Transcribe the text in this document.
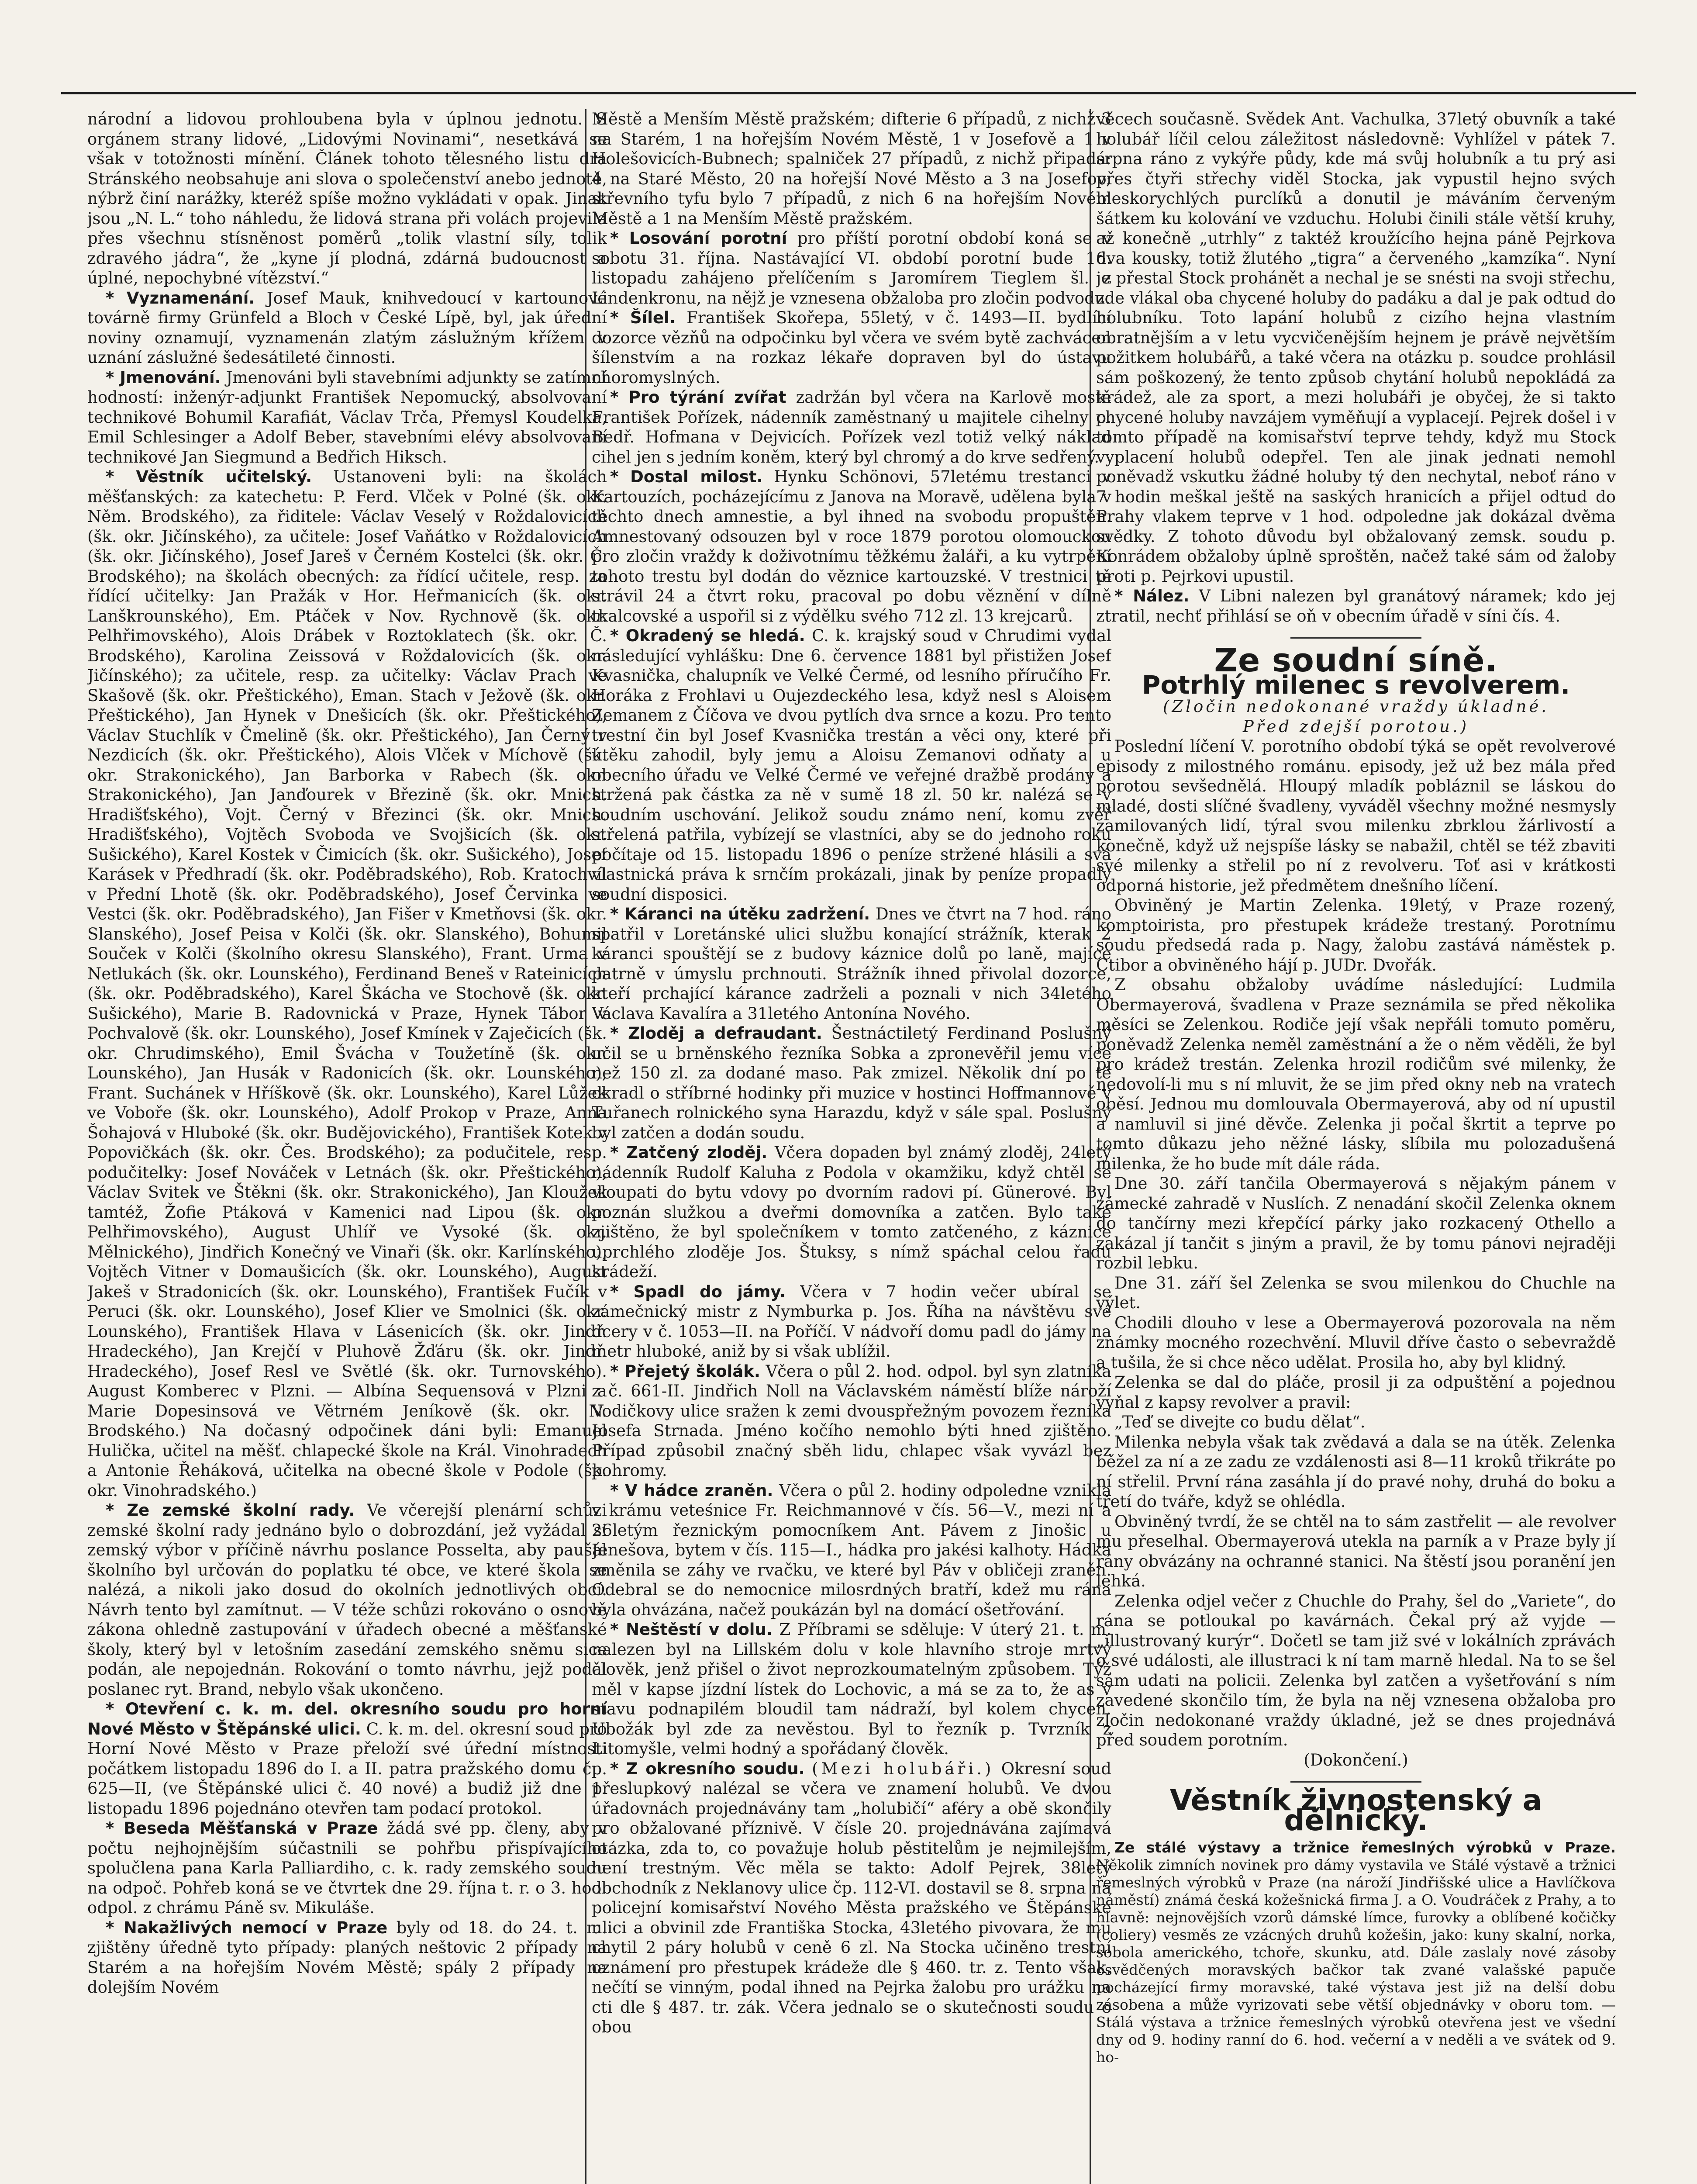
národní a lidovou prohloubena byla v úplnou jednotu. S orgánem strany lidové, „Lidovými Novinami“, nesetkává se však v totožnosti mínění. Článek tohoto tělesného listu dra Stránského neobsahuje ani slova o společenství anebo jednotě, nýbrž činí narážky, kteréž spíše možno vykládati v opak. Jinak jsou „N. L.“ toho náhledu, že lidová strana při volách projevila přes všechnu stísněnost poměrů „tolik vlastní síly, tolik zdravého jádra“, že „kyne jí plodná, zdárná budoucnost a úplné, nepochybné vítězství.“

* Vyznamenání. Josef Mauk, knihvedoucí v kartounové továrně firmy Grünfeld a Bloch v České Lípě, byl, jak úřední noviny oznamují, vyznamenán zlatým záslužným křížem v uznání záslužné šedesátileté činnosti.

* Jmenování. Jmenováni byli stavebními adjunkty se zatímní hodností: inženýr-adjunkt František Nepomucký, absolvovaní technikové Bohumil Karafiát, Václav Trča, Přemysl Koudelka, Emil Schlesinger a Adolf Beber, stavebními elévy absolvovaní technikové Jan Siegmund a Bedřich Hiksch.

* Věstník učitelský. Ustanoveni byli: na školách měšťanských: za katechetu: P. Ferd. Vlček v Polné (šk. okr. Něm. Brodského), za řiditele: Václav Veselý v Roždalovicích (šk. okr. Jičínského), za učitele: Josef Vaňátko v Roždalovicích (šk. okr. Jičínského), Josef Jareš v Černém Kostelci (šk. okr. Č. Brodského); na školách obecných: za řídící učitele, resp. za řídící učitelky: Jan Pražák v Hor. Heřmanicích (šk. okr. Lanškrounského), Em. Ptáček v Nov. Rychnově (šk. okr. Pelhřimovského), Alois Drábek v Roztoklatech (šk. okr. Č. Brodského), Karolina Zeissová v Roždalovicích (šk. okr. Jičínského); za učitele, resp. za učitelky: Václav Prach ve Skašově (šk. okr. Přeštického), Eman. Stach v Ježově (šk. okr. Přeštického), Jan Hynek v Dnešicích (šk. okr. Přeštického), Václav Stuchlík v Čmelině (šk. okr. Přeštického), Jan Černý v Nezdicích (šk. okr. Přeštického), Alois Vlček v Míchově (šk. okr. Strakonického), Jan Barborka v Rabech (šk. okr. Strakonického), Jan Janďourek v Březině (šk. okr. Mnich. Hradišťského), Vojt. Černý v Březinci (šk. okr. Mnich. Hradišťského), Vojtěch Svoboda ve Svojšicích (šk. okr. Sušického), Karel Kostek v Čimicích (šk. okr. Sušického), Josef Karásek v Předhradí (šk. okr. Poděbradského), Rob. Kratochvíl v Přední Lhotě (šk. okr. Poděbradského), Josef Červinka ve Vestci (šk. okr. Poděbradského), Jan Fišer v Kmetňovsi (šk. okr. Slanského), Josef Peisa v Kolči (šk. okr. Slanského), Bohumil Souček v Kolči (školního okresu Slanského), Frant. Urma v Netlukách (šk. okr. Lounského), Ferdinand Beneš v Rateinicích (šk. okr. Poděbradského), Karel Škácha ve Stochově (šk. okr. Sušického), Marie B. Radovnická v Praze, Hynek Tábor v Pochvalově (šk. okr. Lounského), Josef Kmínek v Zaječicích (šk. okr. Chrudimského), Emil Švácha v Toužetíně (šk. okr. Lounského), Jan Husák v Radonicích (šk. okr. Lounského), Frant. Suchánek v Hříškově (šk. okr. Lounského), Karel Lůžek ve Voboře (šk. okr. Lounského), Adolf Prokop v Praze, Anna Šohajová v Hluboké (šk. okr. Budějovického), František Kotek v Popovičkách (šk. okr. Čes. Brodského); za podučitele, resp. podučitelky: Josef Nováček v Letnách (šk. okr. Přeštického), Václav Svitek ve Štěkni (šk. okr. Strakonického), Jan Kloužek tamtéž, Žofie Ptáková v Kamenici nad Lipou (šk. okr. Pelhřimovského), August Uhlíř ve Vysoké (šk. okr. Mělnického), Jindřich Konečný ve Vinaři (šk. okr. Karlínského), Vojtěch Vitner v Domaušicích (šk. okr. Lounského), August Jakeš v Stradonicích (šk. okr. Lounského), František Fučík v Peruci (šk. okr. Lounského), Josef Klier ve Smolnici (šk. okr. Lounského), František Hlava v Lásenicích (šk. okr. Jindř. Hradeckého), Jan Krejčí v Pluhově Žďáru (šk. okr. Jindř. Hradeckého), Josef Resl ve Světlé (šk. okr. Turnovského). August Komberec v Plzni. — Albína Sequensová v Plzni a Marie Dopesinsová ve Větrném Jeníkově (šk. okr. N. Brodského.) Na dočasný odpočinek dáni byli: Emanuel Hulička, učitel na měšť. chlapecké škole na Král. Vinohradech a Antonie Řeháková, učitelka na obecné škole v Podole (šk. okr. Vinohradského.)

* Ze zemské školní rady. Ve včerejší plenární schůzi zemské školní rady jednáno bylo o dobrozdání, jež vyžádal si zemský výbor v příčině návrhu poslance Posselta, aby paušál školního byl určován do poplatku té obce, ve které škola se nalézá, a nikoli jako dosud do okolních jednotlivých obcí. Návrh tento byl zamítnut. — V téže schůzi rokováno o osnově zákona ohledně zastupování v úřadech obecné a měšťanské školy, který byl v letošním zasedání zemského sněmu sice podán, ale nepojednán. Rokování o tomto návrhu, jejž podal poslanec ryt. Brand, nebylo však ukončeno.

* Otevření c. k. m. del. okresního soudu pro horní Nové Město v Štěpánské ulici. C. k. m. del. okresní soud pro Horní Nové Město v Praze přeloží své úřední místnosti počátkem listopadu 1896 do I. a II. patra pražského domu čp. 625—II, (ve Štěpánské ulici č. 40 nové) a budiž již dne 1. listopadu 1896 pojednáno otevřen tam podací protokol.

* Beseda Měšťanská v Praze žádá své pp. členy, aby v počtu nejhojnějším súčastnili se pohřbu přispívajícího spolučlena pana Karla Palliardiho, c. k. rady zemského soudu na odpoč. Pohřeb koná se ve čtvrtek dne 29. října t. r. o 3. hod. odpol. z chrámu Páně sv. Mikuláše.

* Nakažlivých nemocí v Praze byly od 18. do 24. t. m. zjištěny úředně tyto případy: planých neštovic 2 případy na Starém a na hořejším Novém Městě; spály 2 případy na dolejším Novém

Městě a Menším Městě pražském; difterie 6 případů, z nichž 3 na Starém, 1 na hořejším Novém Městě, 1 v Josefově a 1 v Holešovicích-Bubnech; spalniček 27 případů, z nichž připadá: 4 na Staré Město, 20 na hořejší Nové Město a 3 na Josefov; střevního tyfu bylo 7 případů, z nich 6 na hořejším Novém Městě a 1 na Menším Městě pražském.

* Losování porotní pro příští porotní období koná se v sobotu 31. října. Nastávající VI. období porotní bude 16. listopadu zahájeno přelíčením s Jaromírem Tieglem šl. z Lindenkronu, na nějž je vznesena obžaloba pro zločin podvodu.

* Šílel. František Skořepa, 55letý, v č. 1493—II. bydlící dozorce vězňů na odpočinku byl včera ve svém bytě zachvácen šílenstvím a na rozkaz lékaře dopraven byl do ústavu choromyslných.

* Pro týrání zvířat zadržán byl včera na Karlově mostě František Pořízek, nádenník zaměstnaný u majitele cihelny p. Bedř. Hofmana v Dejvicích. Pořízek vezl totiž velký náklad cihel jen s jedním koněm, který byl chromý a do krve sedřený.

* Dostal milost. Hynku Schönovi, 57letému trestanci v Kartouzích, pocházejícímu z Janova na Moravě, udělena byla v těchto dnech amnestie, a byl ihned na svobodu propuštěn. Amnestovaný odsouzen byl v roce 1879 porotou olomouckou pro zločin vraždy k doživotnímu těžkému žaláři, a ku vytrpění tohoto trestu byl dodán do věznice kartouzské. V trestnici tě strávil 24 a čtvrt roku, pracoval po dobu věznění v dílně tkalcovské a uspořil si z výdělku svého 712 zl. 13 krejcarů.

* Okradený se hledá. C. k. krajský soud v Chrudimi vydal následující vyhlášku: Dne 6. července 1881 byl přistižen Josef Kvasnička, chalupník ve Velké Čermé, od lesního příručího Fr. Horáka z Frohlavi u Oujezdeckého lesa, když nesl s Aloisem Zemanem z Číčova ve dvou pytlích dva srnce a kozu. Pro tento trestní čin byl Josef Kvasnička trestán a věci ony, které při útěku zahodil, byly jemu a Aloisu Zemanovi odňaty a u obecního úřadu ve Velké Čermé ve veřejné dražbě prodány a stržená pak částka za ně v sumě 18 zl. 50 kr. nalézá se v soudním uschování. Jelikož soudu známo není, komu zvěř střelená patřila, vybízejí se vlastníci, aby se do jednoho roku počítaje od 15. listopadu 1896 o peníze stržené hlásili a svá vlastnická práva k srnčím prokázali, jinak by peníze propadly soudní disposici.

* Káranci na útěku zadržení. Dnes ve čtvrt na 7 hod. ráno spatřil v Loretánské ulici službu konající strážník, kterak 2 káranci spouštějí se z budovy káznice dolů po laně, majíce patrně v úmyslu prchnouti. Strážník ihned přivolal dozorce, kteří prchající kárance zadrželi a poznali v nich 34letého Václava Kavalíra a 31letého Antonína Nového.

* Zloděj a defraudant. Šestnáctiletý Ferdinand Poslušný učil se u brněnského řezníka Sobka a zpronevěřil jemu více než 150 zl. za dodané maso. Pak zmizel. Několik dní po tě okradl o stříbrné hodinky při muzice v hostinci Hoffmannově v Tuřanech rolnického syna Harazdu, když v sále spal. Poslušný byl zatčen a dodán soudu.

* Zatčený zloděj. Včera dopaden byl známý zloděj, 24letý nádenník Rudolf Kaluha z Podola v okamžiku, když chtěl se vloupati do bytu vdovy po dvorním radovi pí. Günerové. Byl poznán služkou a dveřmi domovníka a zatčen. Bylo také zjištěno, že byl společníkem v tomto zatčeného, z káznice uprchlého zloděje Jos. Štuksy, s nímž spáchal celou řadu krádeží.

* Spadl do jámy. Včera v 7 hodin večer ubíral se zámečnický mistr z Nymburka p. Jos. Říha na návštěvu své dcery v č. 1053—II. na Poříčí. V nádvoří domu padl do jámy na metr hluboké, aniž by si však ublížil.

* Přejetý školák. Včera o půl 2. hod. odpol. byl syn zlatníka z č. 661-II. Jindřich Noll na Václavském náměstí blíže nároží Vodičkovy ulice sražen k zemi dvouspřežným povozem řezníka Josefa Strnada. Jméno kočího nemohlo býti hned zjištěno. Případ způsobil značný sběh lidu, chlapec však vyvázl bez pohromy.

* V hádce zraněn. Včera o půl 2. hodiny odpoledne vznikla v krámu veteśnice Fr. Reichmannové v čís. 56—V., mezi ní a 26letým řeznickým pomocníkem Ant. Pávem z Jinošic u Jenešova, bytem v čís. 115—I., hádka pro jakési kalhoty. Hádka změnila se záhy ve rvačku, ve které byl Páv v obličeji zraněn. Odebral se do nemocnice milosrdných bratří, kdež mu rána byla ohvázána, načež poukázán byl na domácí ošetřování.

* Neštěstí v dolu. Z Příbrami se sděluje: V úterý 21. t. m. nalezen byl na Lillském dolu v kole hlavního stroje mrtvý člověk, jenž přišel o život neprozkoumatelným způsobem. Týž měl v kapse jízdní lístek do Lochovic, a má se za to, že as v stavu podnapilém bloudil tam nádraží, byl kolem chycen. Ubožák byl zde za nevěstou. Byl to řezník p. Tvrzník z Litomyšle, velmi hodný a spořádaný člověk.

* Z okresního soudu. (Mezi holubáři.) Okresní soud přeslupkový nalézal se včera ve znamení holubů. Ve dvou úřadovnách projednávány tam „holubičí“ aféry a obě skončily pro obžalované příznivě. V čísle 20. projednávána zajímavá otázka, zda to, co považuje holub pěstitelům je nejmilejším, není trestným. Věc měla se takto: Adolf Pejrek, 38letý obchodník z Neklanovy ulice čp. 112-VI. dostavil se 8. srpna na policejní komisařství Nového Města pražského ve Štěpánské ulici a obvinil zde Františka Stocka, 43letého pivovara, že mu chytil 2 páry holubů v ceně 6 zl. Na Stocka učiněno trestní oznámení pro přestupek krádeže dle § 460. tr. z. Tento však, nečítí se vinným, podal ihned na Pejrka žalobu pro urážku na cti dle § 487. tr. zák. Včera jednalo se o skutečnosti soudu o obou

věcech současně. Svědek Ant. Vachulka, 37letý obuvník a také holubář líčil celou záležitost následovně: Vyhlížel v pátek 7. srpna ráno z vykýře půdy, kde má svůj holubník a tu prý asi přes čtyři střechy viděl Stocka, jak vypustil hejno svých bleskorychlých purclíků a donutil je máváním červeným šátkem ku kolování ve vzduchu. Holubi činili stále větší kruhy, až konečně „utrhly“ z taktéž kroužícího hejna páně Pejrkova dva kousky, totiž žlutého „tigra“ a červeného „kamzíka“. Nyní je přestal Stock prohánět a nechal je se snésti na svoji střechu, zde vlákal oba chycené holuby do padáku a dal je pak odtud do holubníku. Toto lapání holubů z cizího hejna vlastním obratnějším a v letu vycvičenějším hejnem je právě největším požitkem holubářů, a také včera na otázku p. soudce prohlásil sám poškozený, že tento způsob chytání holubů nepokládá za krádež, ale za sport, a mezi holubáři je obyčej, že si takto chycené holuby navzájem vyměňují a vyplacejí. Pejrek došel i v tomto případě na komisařství teprve tehdy, když mu Stock vyplacení holubů odepřel. Ten ale jinak jednati nemohl poněvadž vskutku žádné holuby tý den nechytal, neboť ráno v 7 hodin meškal ještě na saských hranicích a přijel odtud do Prahy vlakem teprve v 1 hod. odpoledne jak dokázal dvěma svědky. Z tohoto důvodu byl obžalovaný zemsk. soudu p. Konrádem obžaloby úplně sproštěn, načež také sám od žaloby proti p. Pejrkovi upustil.

* Nález. V Libni nalezen byl granátový náramek; kdo jej ztratil, nechť přihlásí se oň v obecním úřadě v síni čís. 4.

Ze soudní síně.
Potrhlý milenec s revolverem.

(Zločin nedokonané vraždy úkladné.

Před zdejší porotou.)

Poslední líčení V. porotního období týká se opět revolverové episody z milostného románu. episody, jež už bez mála před porotou sevšednělá. Hloupý mladík pobláznil se láskou do mladé, dosti slíčné švadleny, vyváděl všechny možné nesmysly zamilovaných lidí, týral svou milenku zbrklou žárlivostí a konečně, když už nejspíše lásky se nabažil, chtěl se též zbaviti své milenky a střelil po ní z revolveru. Toť asi v krátkosti odporná historie, jež předmětem dnešního líčení.

Obviněný je Martin Zelenka. 19letý, v Praze rozený, komptoirista, pro přestupek krádeže trestaný. Porotnímu soudu předsedá rada p. Nagy, žalobu zastává náměstek p. Ctibor a obviněného hájí p. JUDr. Dvořák.

Z obsahu obžaloby uvádíme následující: Ludmila Obermayerová, švadlena v Praze seznámila se před několika měsíci se Zelenkou. Rodiče její však nepřáli tomuto poměru, poněvadž Zelenka neměl zaměstnání a že o něm věděli, že byl pro krádež trestán. Zelenka hrozil rodičům své milenky, že nedovolí-li mu s ní mluvit, že se jim před okny neb na vratech oběsí. Jednou mu domlouvala Obermayerová, aby od ní upustil a namluvil si jiné děvče. Zelenka ji počal škrtit a teprve po tomto důkazu jeho něžné lásky, slíbila mu polozadušená milenka, že ho bude mít dále ráda.

Dne 30. září tančila Obermayerová s nějakým pánem v zámecké zahradě v Nuslích. Z nenadání skočil Zelenka oknem do tančírny mezi křepčící párky jako rozkacený Othello a zakázal jí tančit s jiným a pravil, že by tomu pánovi nejraději rozbil lebku.

Dne 31. září šel Zelenka se svou milenkou do Chuchle na výlet.

Chodili dlouho v lese a Obermayerová pozorovala na něm známky mocného rozechvění. Mluvil dříve často o sebevraždě a tušila, že si chce něco udělat. Prosila ho, aby byl klidný.

Zelenka se dal do pláče, prosil ji za odpuštění a pojednou vyňal z kapsy revolver a pravil:

„Teď se divejte co budu dělat“.

Milenka nebyla však tak zvědavá a dala se na útěk. Zelenka běžel za ní a ze zadu ze vzdálenosti asi 8—11 kroků třikráte po ní střelil. První rána zasáhla jí do pravé nohy, druhá do boku a třetí do tváře, když se ohlédla.

Obviněný tvrdí, že se chtěl na to sám zastřelit — ale revolver mu přeselhal. Obermayerová utekla na parník a v Praze byly jí rány obvázány na ochranné stanici. Na štěstí jsou poranění jen lehká.

Zelenka odjel večer z Chuchle do Prahy, šel do „Variete“, do rána se potloukal po kavárnách. Čekal prý až vyjde — „illustrovaný kurýr“. Dočetl se tam již své v lokálních zprávách o své události, ale illustraci k ní tam marně hledal. Na to se šel sám udati na policii. Zelenka byl zatčen a vyšetřování s ním zavedené skončilo tím, že byla na něj vznesena obžaloba pro zločin nedokonané vraždy úkladné, jež se dnes projednává před soudem porotním.

(Dokončení.)

Věstník živnostenský a dělnický.

Ze stálé výstavy a tržnice řemeslných výrobků v Praze. Několik zimních novinek pro dámy vystavila ve Stálé výstavě a tržnici řemeslných výrobků v Praze (na nároží Jindřišské ulice a Havlíčkova náměstí) známá česká kožešnická firma J. a O. Voudráček z Prahy, a to hlavně: nejnovějších vzorů dámské límce, furovky a oblíbené kočičky (coliery) vesměs ze vzácných druhů kožešin, jako: kuny skalní, norka, sobola amerického, tchoře, skunku, atd. Dále zaslaly nové zásoby osvědčených moravských bačkor tak zvané valašské papuče pocházející firmy moravské, také výstava jest již na delší dobu zásobena a může vyrizovati sebe větší objednávky v oboru tom. — Stálá výstava a tržnice řemeslných výrobků otevřena jest ve všední dny od 9. hodiny ranní do 6. hod. večerní a v neděli a ve svátek od 9. ho-
